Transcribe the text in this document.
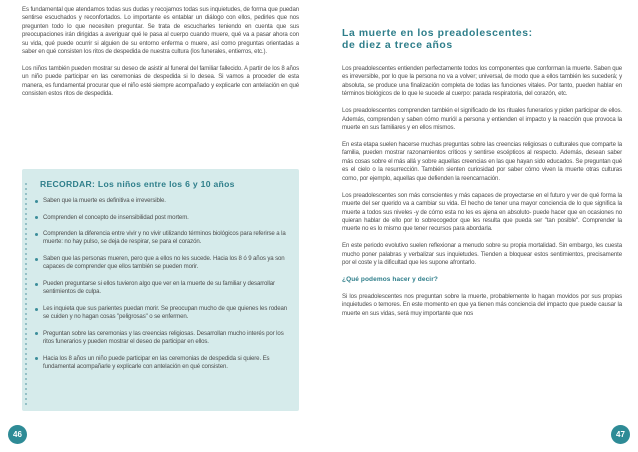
Es fundamental que atendamos todas sus dudas y recojamos todas sus inquietudes, de forma que puedan sentirse escuchados y reconfortados. Lo importante es entablar un diálogo con ellos, pedirles que nos pregunten todo lo que necesiten preguntar. Se trata de escucharles teniendo en cuenta que sus preocupaciones irán dirigidas a averiguar qué le pasa al cuerpo cuando muere, qué va a pasar ahora con su vida, qué puede ocurrir si alguien de su entorno enferma o muere, así como preguntas orientadas a saber en qué consisten los ritos de despedida de nuestra cultura (los funerales, entierros, etc.).

Los niños también pueden mostrar su deseo de asistir al funeral del familiar fallecido. A partir de los 8 años un niño puede participar en las ceremonias de despedida si lo desea. Si vamos a proceder de esta manera, es fundamental procurar que el niño esté siempre acompañado y explicarle con antelación en qué consisten estos ritos de despedida.

RECORDAR: Los niños entre los 6 y 10 años
Saben que la muerte es definitiva e irreversible.
Comprenden el concepto de insensibilidad post mortem.
Comprenden la diferencia entre vivir y no vivir utilizando términos biológicos para referirse a la muerte: no hay pulso, se deja de respirar, se para el corazón.
Saben que las personas mueren, pero que a ellos no les sucede. Hacia los 8 ó 9 años ya son capaces de comprender que ellos también se pueden morir.
Pueden preguntarse si ellos tuvieron algo que ver en la muerte de su familiar y desarrollar sentimientos de culpa.
Les inquieta que sus parientes puedan morir. Se preocupan mucho de que quienes les rodean se cuiden y no hagan cosas "peligrosas" o se enfermen.
Preguntan sobre las ceremonias y las creencias religiosas. Desarrollan mucho interés por los ritos funerarios y pueden mostrar el deseo de participar en ellos.
Hacia los 8 años un niño puede participar en las ceremonias de despedida si quiere. Es fundamental acompañarle y explicarle con antelación en qué consisten.
46
La muerte en los preadolescentes:
de diez a trece años

Los preadolescentes entienden perfectamente todos los componentes que conforman la muerte. Saben que es irreversible, por lo que la persona no va a volver; universal, de modo que a ellos también les sucederá; y absoluta, se produce una finalización completa de todas las funciones vitales. Por tanto, pueden hablar en términos biológicos de lo que le sucede al cuerpo: parada respiratoria, del corazón, etc.

Los preadolescentes comprenden también el significado de los rituales funerarios y piden participar de ellos. Además, comprenden y saben cómo muriól a persona y entienden el impacto y la reacción que provoca la muerte en sus familiares y en ellos mismos.

En esta etapa suelen hacerse muchas preguntas sobre las creencias religiosas o culturales que comparte la familia, pueden mostrar razonamientos críticos y sentirse escépticos al respecto. Además, desean saber más cosas sobre el más allá y sobre aquellas creencias en las que hayan sido educados. Se preguntan qué es el cielo o la resurrección. También sienten curiosidad por saber cómo viven la muerte otras culturas como, por ejemplo, aquellas que defienden la reencarnación.

Los preadolescentes son más conscientes y más capaces de proyectarse en el futuro y ver de qué forma la muerte del ser querido va a cambiar su vida. El hecho de tener una mayor conciencia de lo que significa la muerte a todos sus niveles -y de cómo esta no les es ajena en absoluto- puede hacer que en ocasiones no quieran hablar de ello por lo sobrecogedor que les resulta que pueda ser "tan posible". Comprender la muerte no es lo mismo que tener recursos para abordarla.

En este periodo evolutivo suelen reflexionar a menudo sobre su propia mortalidad. Sin embargo, les cuesta mucho poner palabras y verbalizar sus inquietudes. Tienden a bloquear estos sentimientos, precisamente por el coste y la dificultad que les supone afrontarlo.

¿Qué podemos hacer y decir?

Si los preadolescentes nos preguntan sobre la muerte, probablemente lo hagan movidos por sus propias inquietudes o temores. En este momento en que ya tienen más conciencia del impacto que puede causar la muerte en sus vidas, será muy importante que nos

47
